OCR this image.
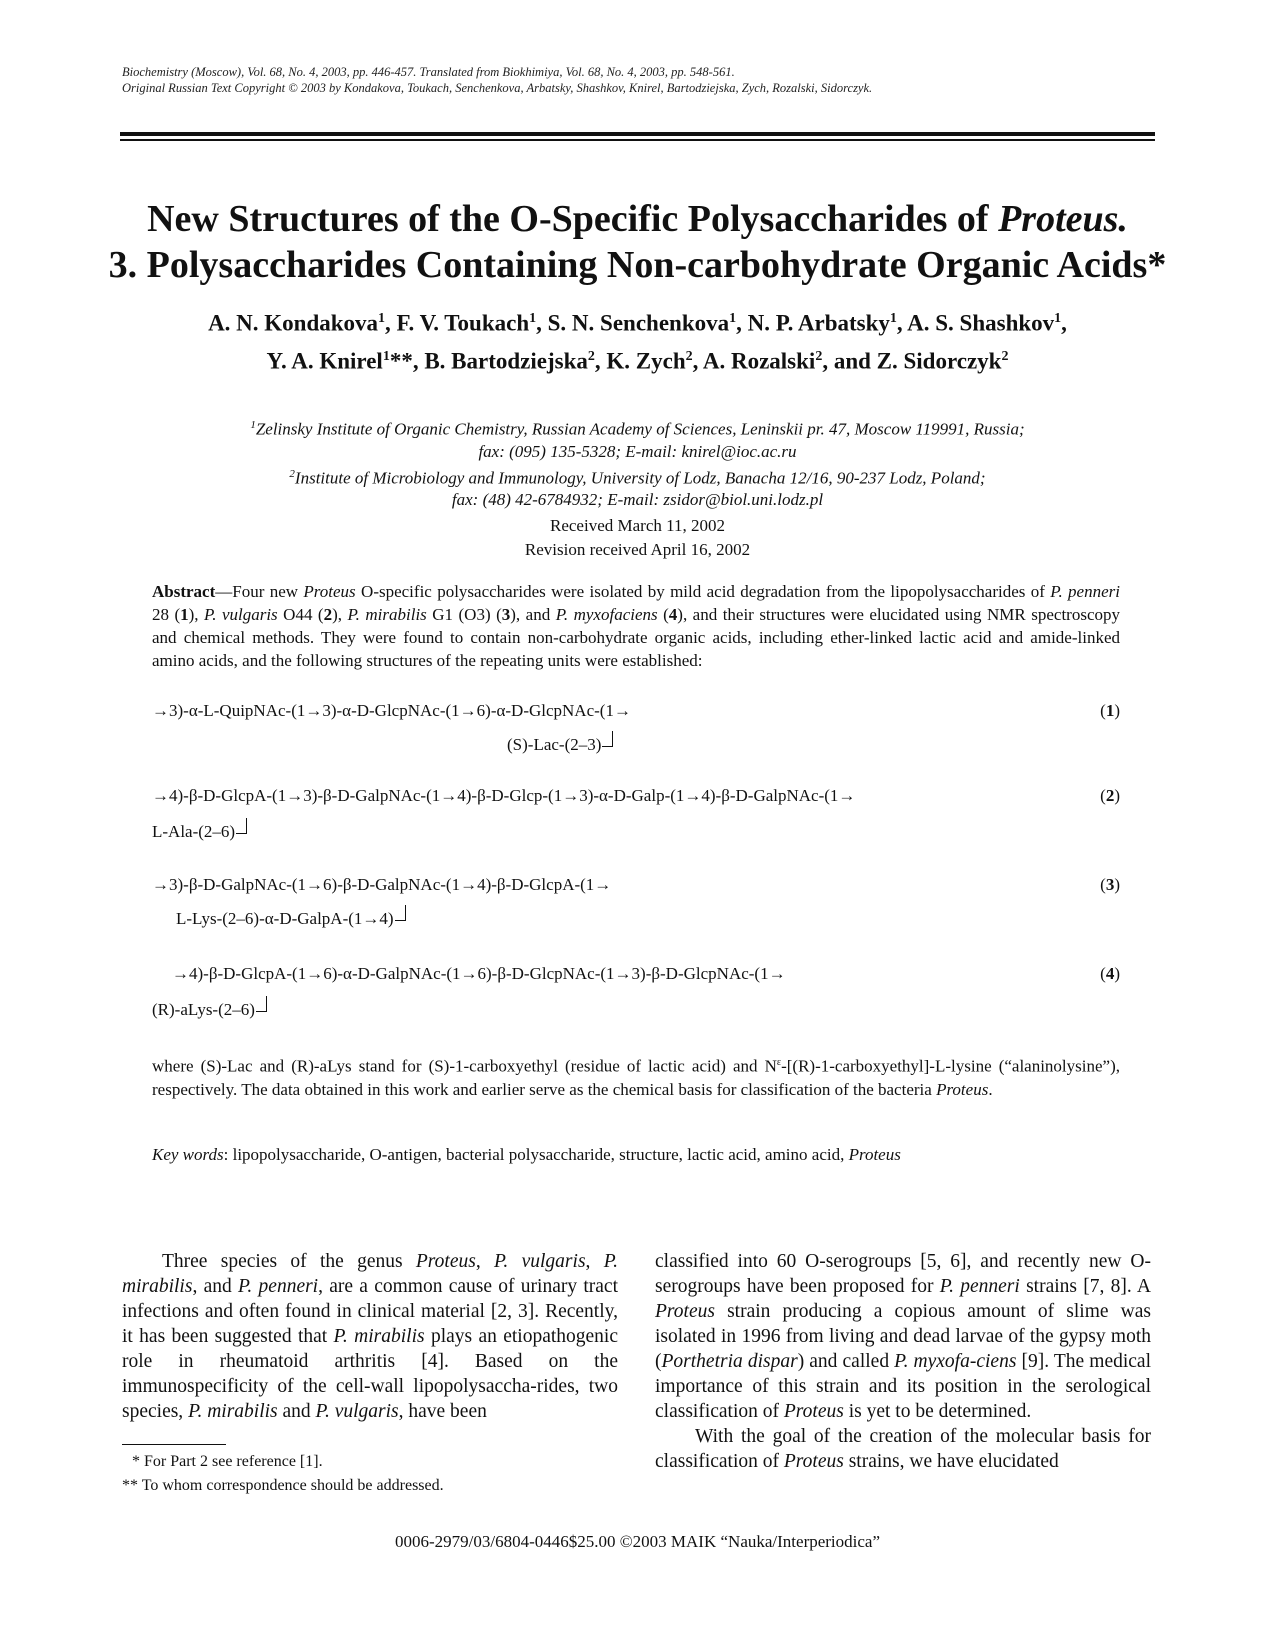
Biochemistry (Moscow), Vol. 68, No. 4, 2003, pp. 446-457. Translated from Biokhimiya, Vol. 68, No. 4, 2003, pp. 548-561.
Original Russian Text Copyright © 2003 by Kondakova, Toukach, Senchenkova, Arbatsky, Shashkov, Knirel, Bartodziejska, Zych, Rozalski, Sidorczyk.
New Structures of the O-Specific Polysaccharides of Proteus.
3. Polysaccharides Containing Non-carbohydrate Organic Acids*
A. N. Kondakova$^1$, F. V. Toukach$^1$, S. N. Senchenkova$^1$, N. P. Arbatsky$^1$, A. S. Shashkov$^1$,
Y. A. Knirel$^1$**, B. Bartodziejska$^2$, K. Zych$^2$, A. Rozalski$^2$, and Z. Sidorczyk$^2$
$^1$Zelinsky Institute of Organic Chemistry, Russian Academy of Sciences, Leninskii pr. 47, Moscow 119991, Russia;
fax: (095) 135-5328; E-mail: knirel@ioc.ac.ru
$^2$Institute of Microbiology and Immunology, University of Lodz, Banacha 12/16, 90-237 Lodz, Poland;
fax: (48) 42-6784932; E-mail: zsidor@biol.uni.lodz.pl
Received March 11, 2002
Revision received April 16, 2002
Abstract—Four new Proteus O-specific polysaccharides were isolated by mild acid degradation from the lipopolysaccharides of P. penneri 28 (1), P. vulgaris O44 (2), P. mirabilis G1 (O3) (3), and P. myxofaciens (4), and their structures were elucidated using NMR spectroscopy and chemical methods. They were found to contain non-carbohydrate organic acids, including ether-linked lactic acid and amide-linked amino acids, and the following structures of the repeating units were established:
→3)-α-L-QuipNAc-(1→3)-α-D-GlcpNAc-(1→6)-α-D-GlcpNAc-(1→	(1)
(S)-Lac-(2–3)
→4)-β-D-GlcpA-(1→3)-β-D-GalpNAc-(1→4)-β-D-Glcp-(1→3)-α-D-Galp-(1→4)-β-D-GalpNAc-(1→	(2)
L-Ala-(2–6)
→3)-β-D-GalpNAc-(1→6)-β-D-GalpNAc-(1→4)-β-D-GlcpA-(1→	(3)
L-Lys-(2–6)-α-D-GalpA-(1→4)
→4)-β-D-GlcpA-(1→6)-α-D-GalpNAc-(1→6)-β-D-GlcpNAc-(1→3)-β-D-GlcpNAc-(1→	(4)
(R)-aLys-(2–6)
where (S)-Lac and (R)-aLys stand for (S)-1-carboxyethyl (residue of lactic acid) and $N^\varepsilon-[(R)-1-carboxyethyl]-L$-lysine (“alaninolysine”), respectively. The data obtained in this work and earlier serve as the chemical basis for classification of the bacteria Proteus.
Key words: lipopolysaccharide, O-antigen, bacterial polysaccharide, structure, lactic acid, amino acid, Proteus

Three species of the genus Proteus, P. vulgaris, P. mirabilis, and P. penneri, are a common cause of urinary tract infections and often found in clinical material [2, 3]. Recently, it has been suggested that P. mirabilis plays an etiopathogenic role in rheumatoid arthritis [4]. Based on the immunospecificity of the cell-wall lipopolysaccha-rides, two species, P. mirabilis and P. vulgaris, have been

classified into 60 O-serogroups [5, 6], and recently new O-serogroups have been proposed for P. penneri strains [7, 8]. A Proteus strain producing a copious amount of slime was isolated in 1996 from living and dead larvae of the gypsy moth (Porthetria dispar) and called P. myxofa-ciens [9]. The medical importance of this strain and its position in the serological classification of Proteus is yet to be determined.

With the goal of the creation of the molecular basis for classification of Proteus strains, we have elucidated

* For Part 2 see reference [1].
** To whom correspondence should be addressed.
0006-2979/03/6804-0446$25.00 ©2003 MAIK “Nauka/Interperiodica”
